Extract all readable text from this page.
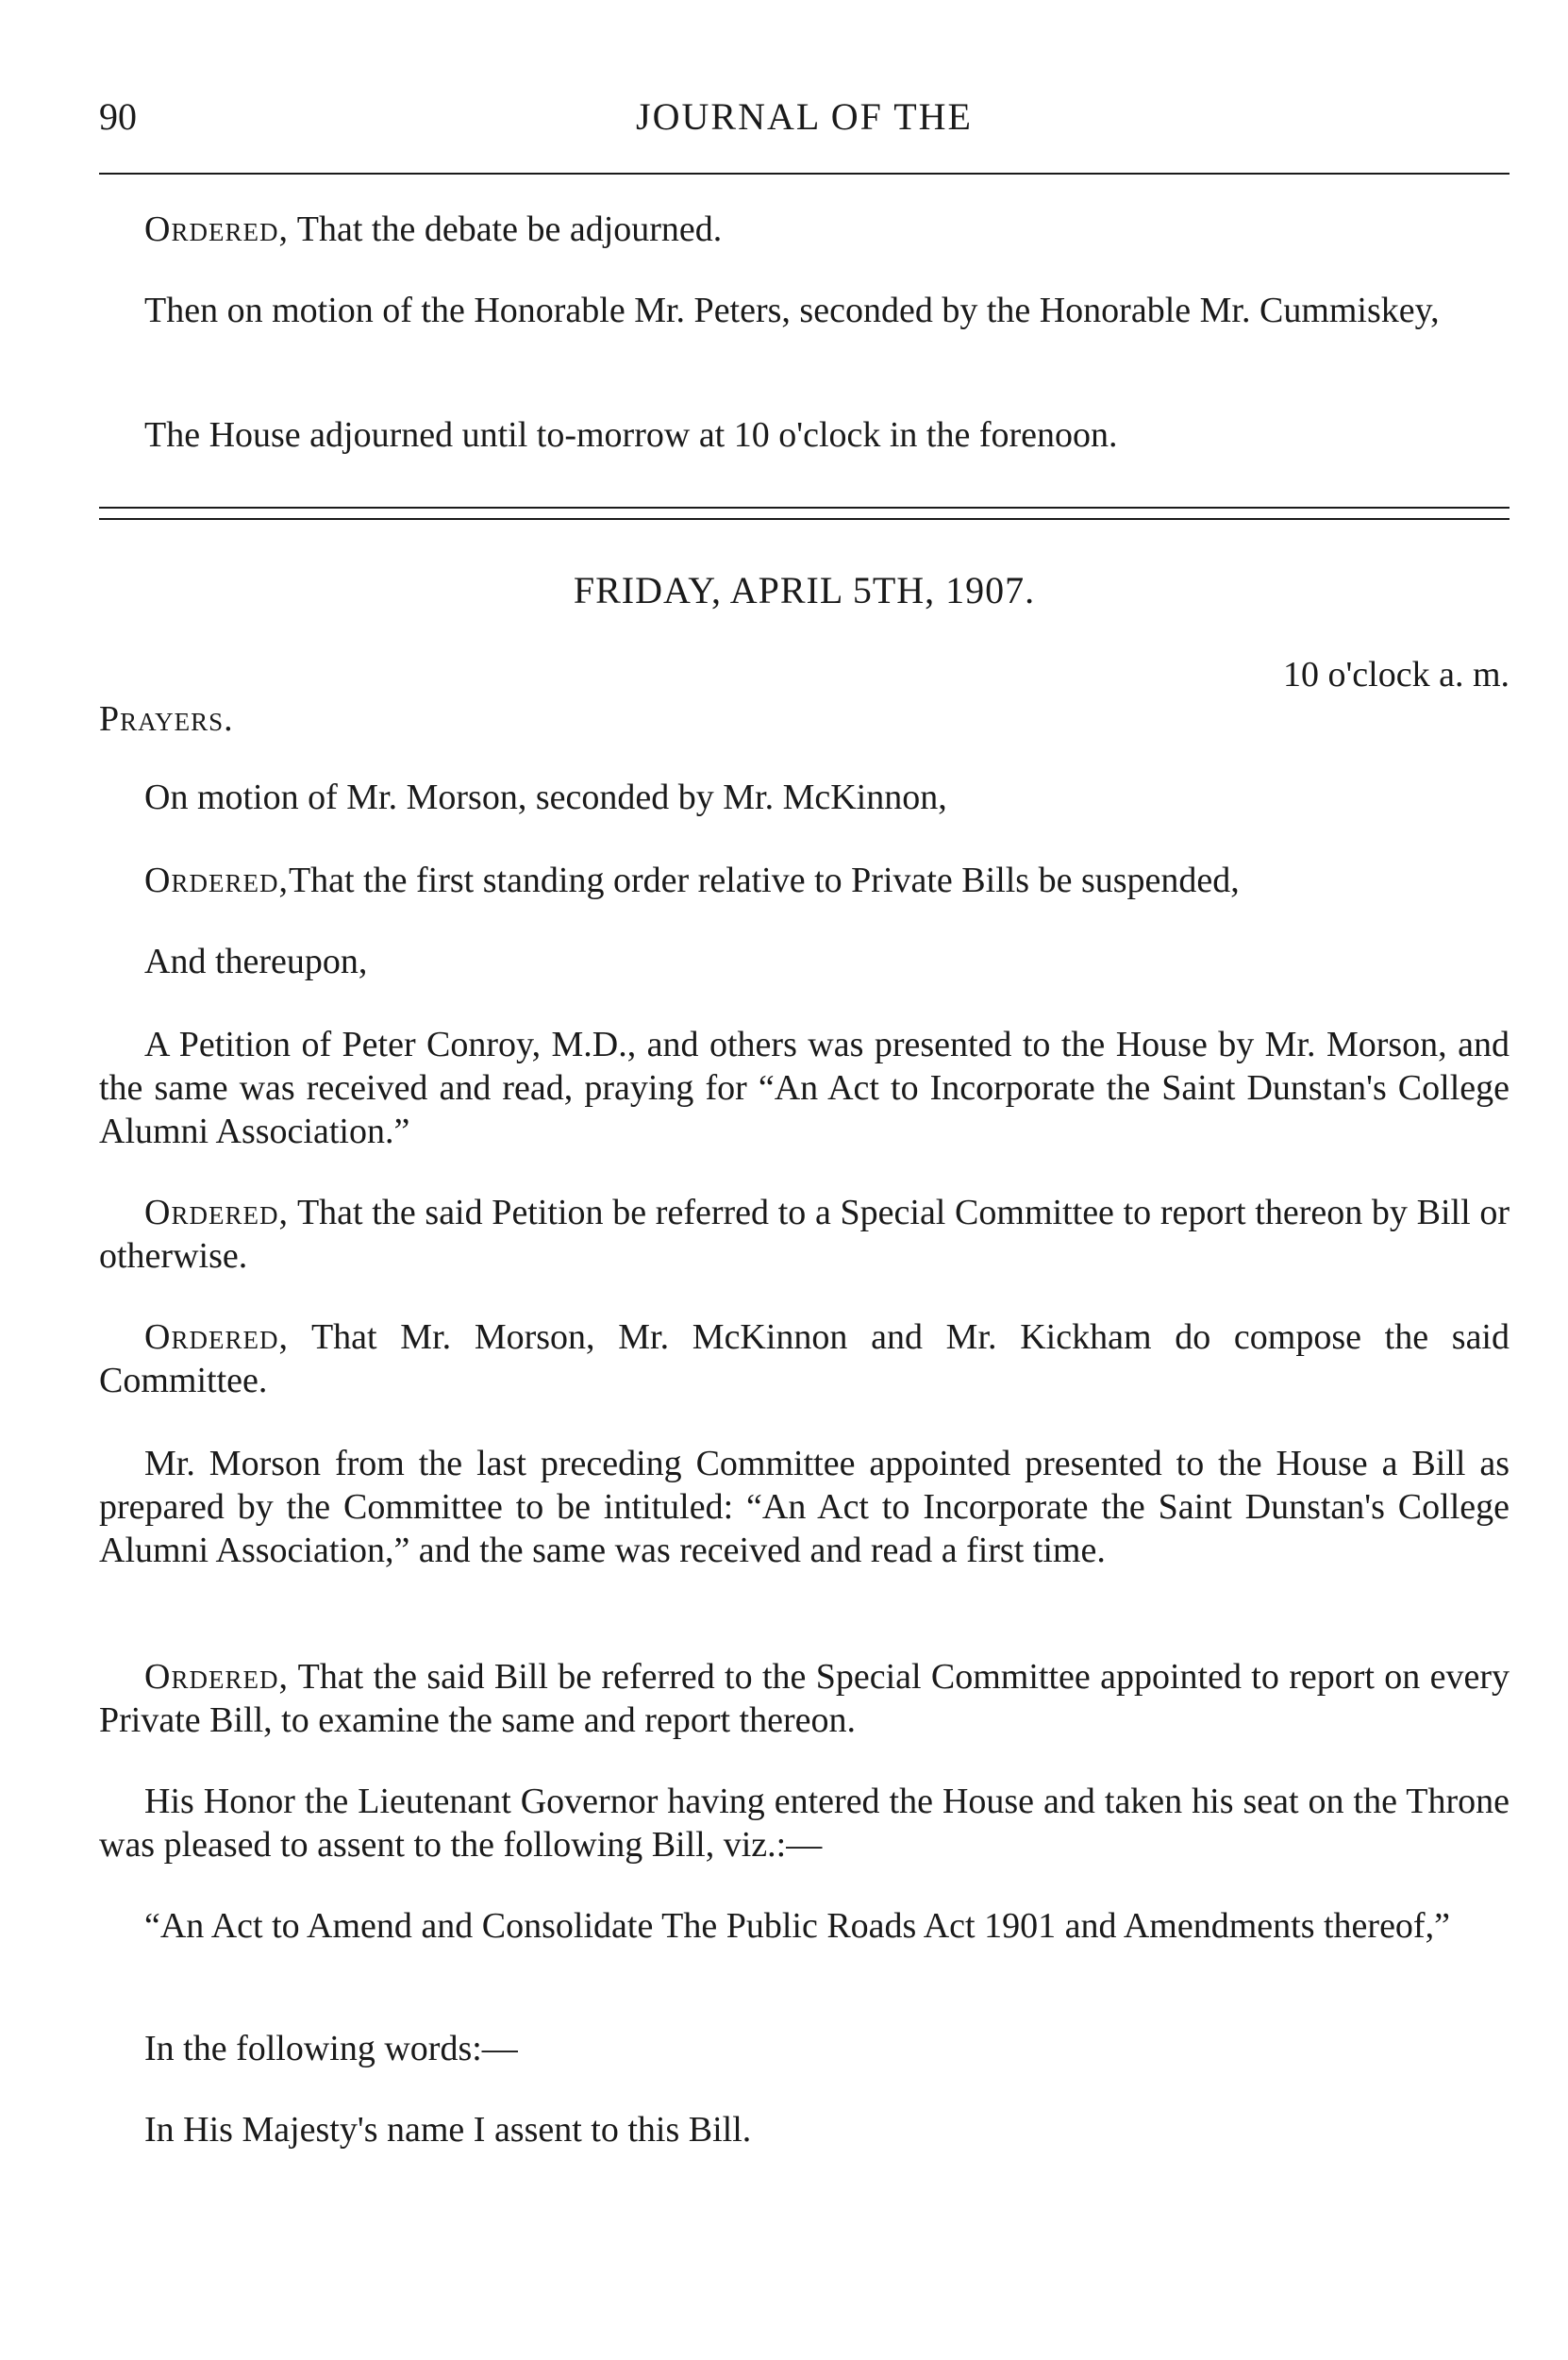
90	JOURNAL OF THE

Ordered, That the debate be adjourned.

Then on motion of the Honorable Mr. Peters, seconded by the Honorable Mr. Cummiskey,

The House adjourned until to-morrow at 10 o'clock in the forenoon.

FRIDAY, APRIL 5TH, 1907.
10 o'clock a. m.
Prayers.

On motion of Mr. Morson, seconded by Mr. McKinnon,

Ordered,That the first standing order relative to Private Bills be suspended,

And thereupon,

A Petition of Peter Conroy, M.D., and others was presented to the House by Mr. Morson, and the same was received and read, praying for “An Act to Incorporate the Saint Dunstan's College Alumni Association.”

Ordered, That the said Petition be referred to a Special Committee to report thereon by Bill or otherwise.

Ordered, That Mr. Morson, Mr. McKinnon and Mr. Kickham do compose the said Committee.

Mr. Morson from the last preceding Committee appointed presented to the House a Bill as prepared by the Committee to be intituled: “An Act to Incorporate the Saint Dunstan's College Alumni Association,” and the same was received and read a first time.

Ordered, That the said Bill be referred to the Special Committee appointed to report on every Private Bill, to examine the same and report thereon.

His Honor the Lieutenant Governor having entered the House and taken his seat on the Throne was pleased to assent to the following Bill, viz.:—

“An Act to Amend and Consolidate The Public Roads Act 1901 and Amendments thereof,”

In the following words:—

In His Majesty's name I assent to this Bill.
